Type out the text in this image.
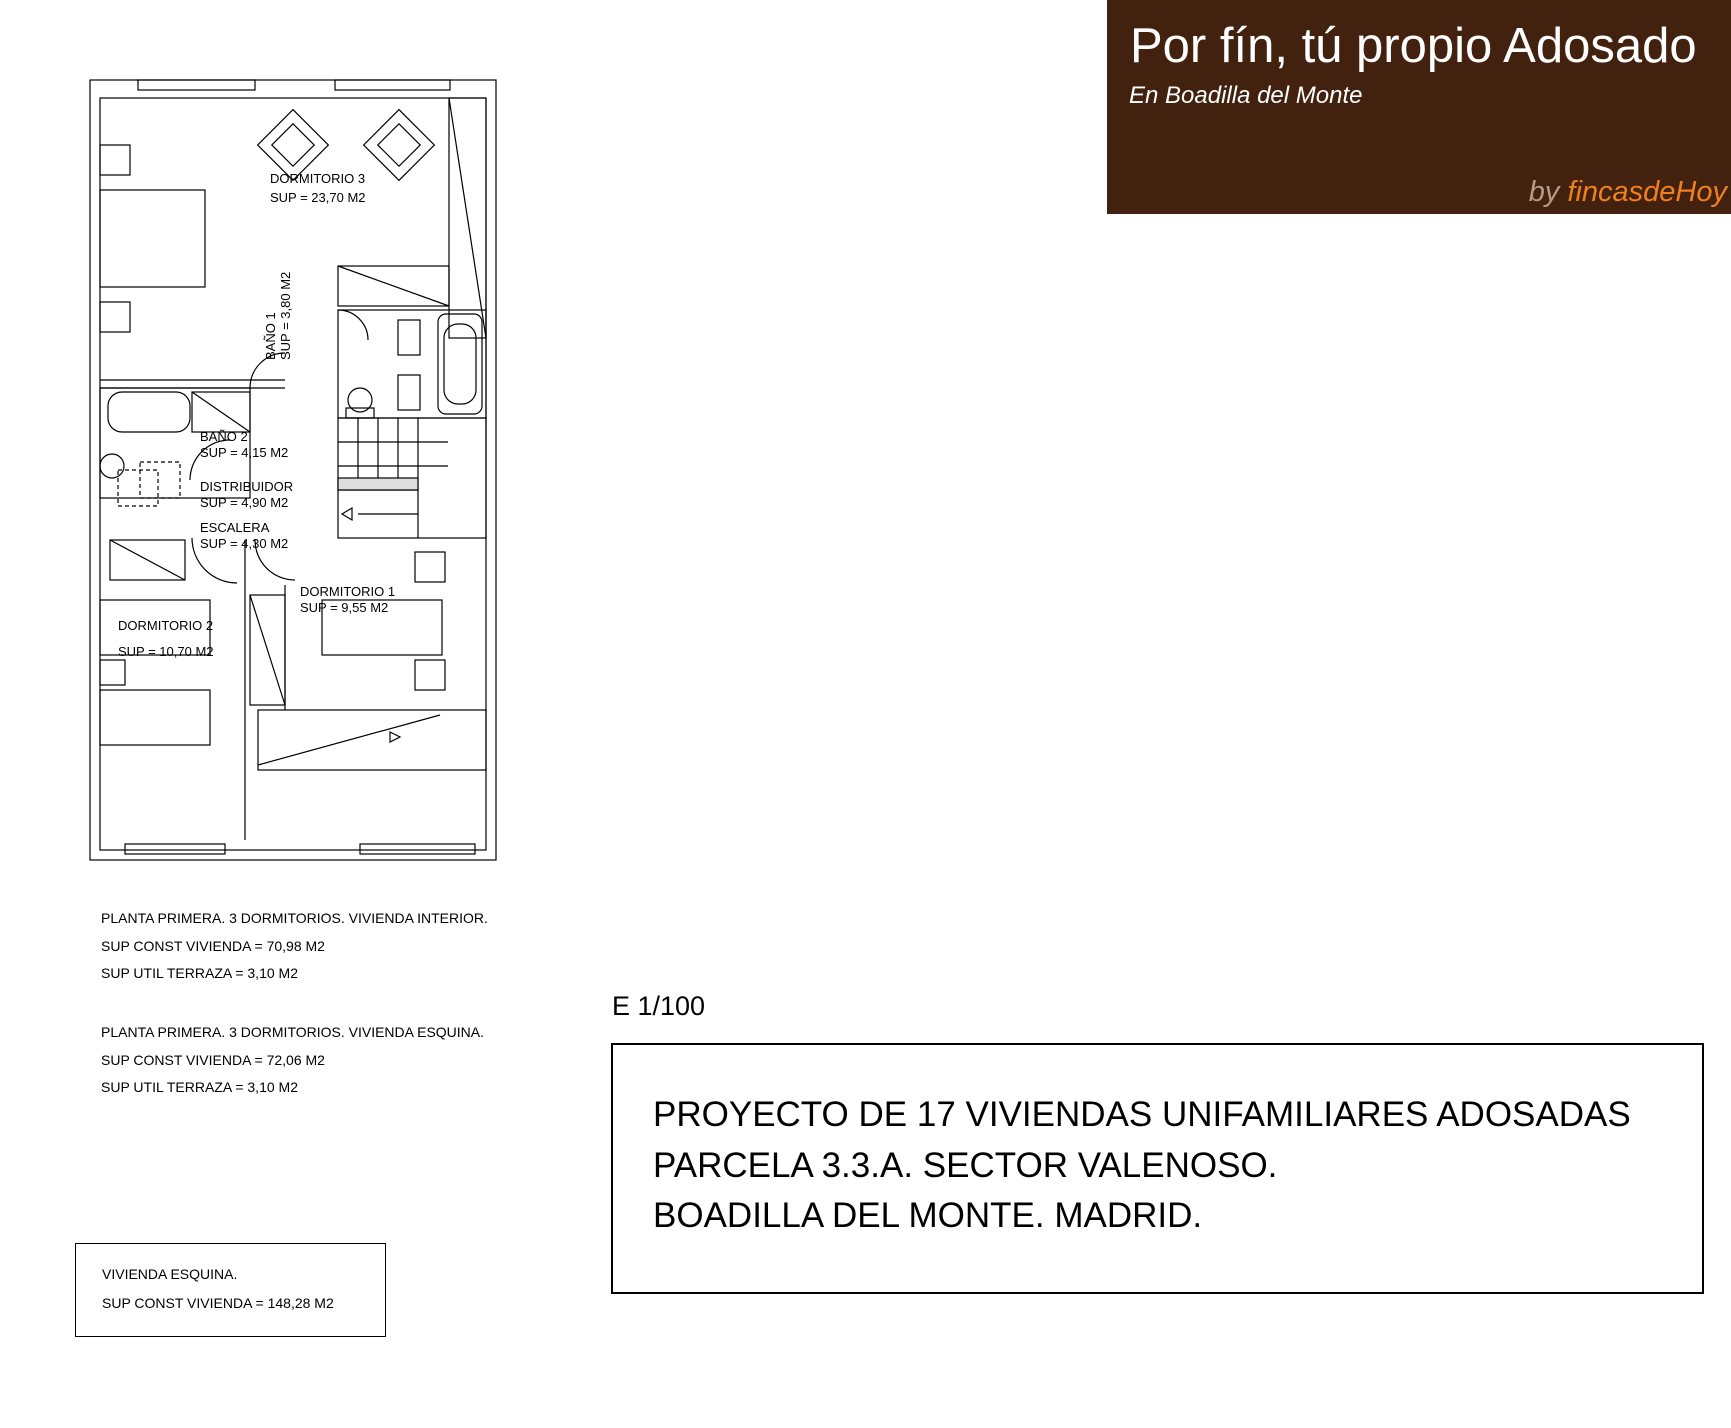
Por fín, tú propio Adosado
En Boadilla del Monte
by fincasdeHoy
DORMITORIO 3
SUP = 23,70 M2
BAÑO 1 SUP = 3,80 M2
BAÑO 2
SUP = 4,15 M2
DISTRIBUIDOR
SUP = 4,90 M2
ESCALERA
SUP = 4,30 M2
DORMITORIO 1
SUP = 9,55 M2
DORMITORIO 2
SUP = 10,70 M2
PLANTA PRIMERA. 3 DORMITORIOS. VIVIENDA INTERIOR.
SUP CONST VIVIENDA = 70,98 M2
SUP UTIL TERRAZA = 3,10 M2
PLANTA PRIMERA. 3 DORMITORIOS. VIVIENDA ESQUINA.
SUP CONST VIVIENDA = 72,06 M2
SUP UTIL TERRAZA = 3,10 M2
E 1/100
PROYECTO DE 17 VIVIENDAS UNIFAMILIARES ADOSADAS
PARCELA 3.3.A. SECTOR VALENOSO.
BOADILLA DEL MONTE. MADRID.
VIVIENDA ESQUINA.
SUP CONST VIVIENDA = 148,28 M2
